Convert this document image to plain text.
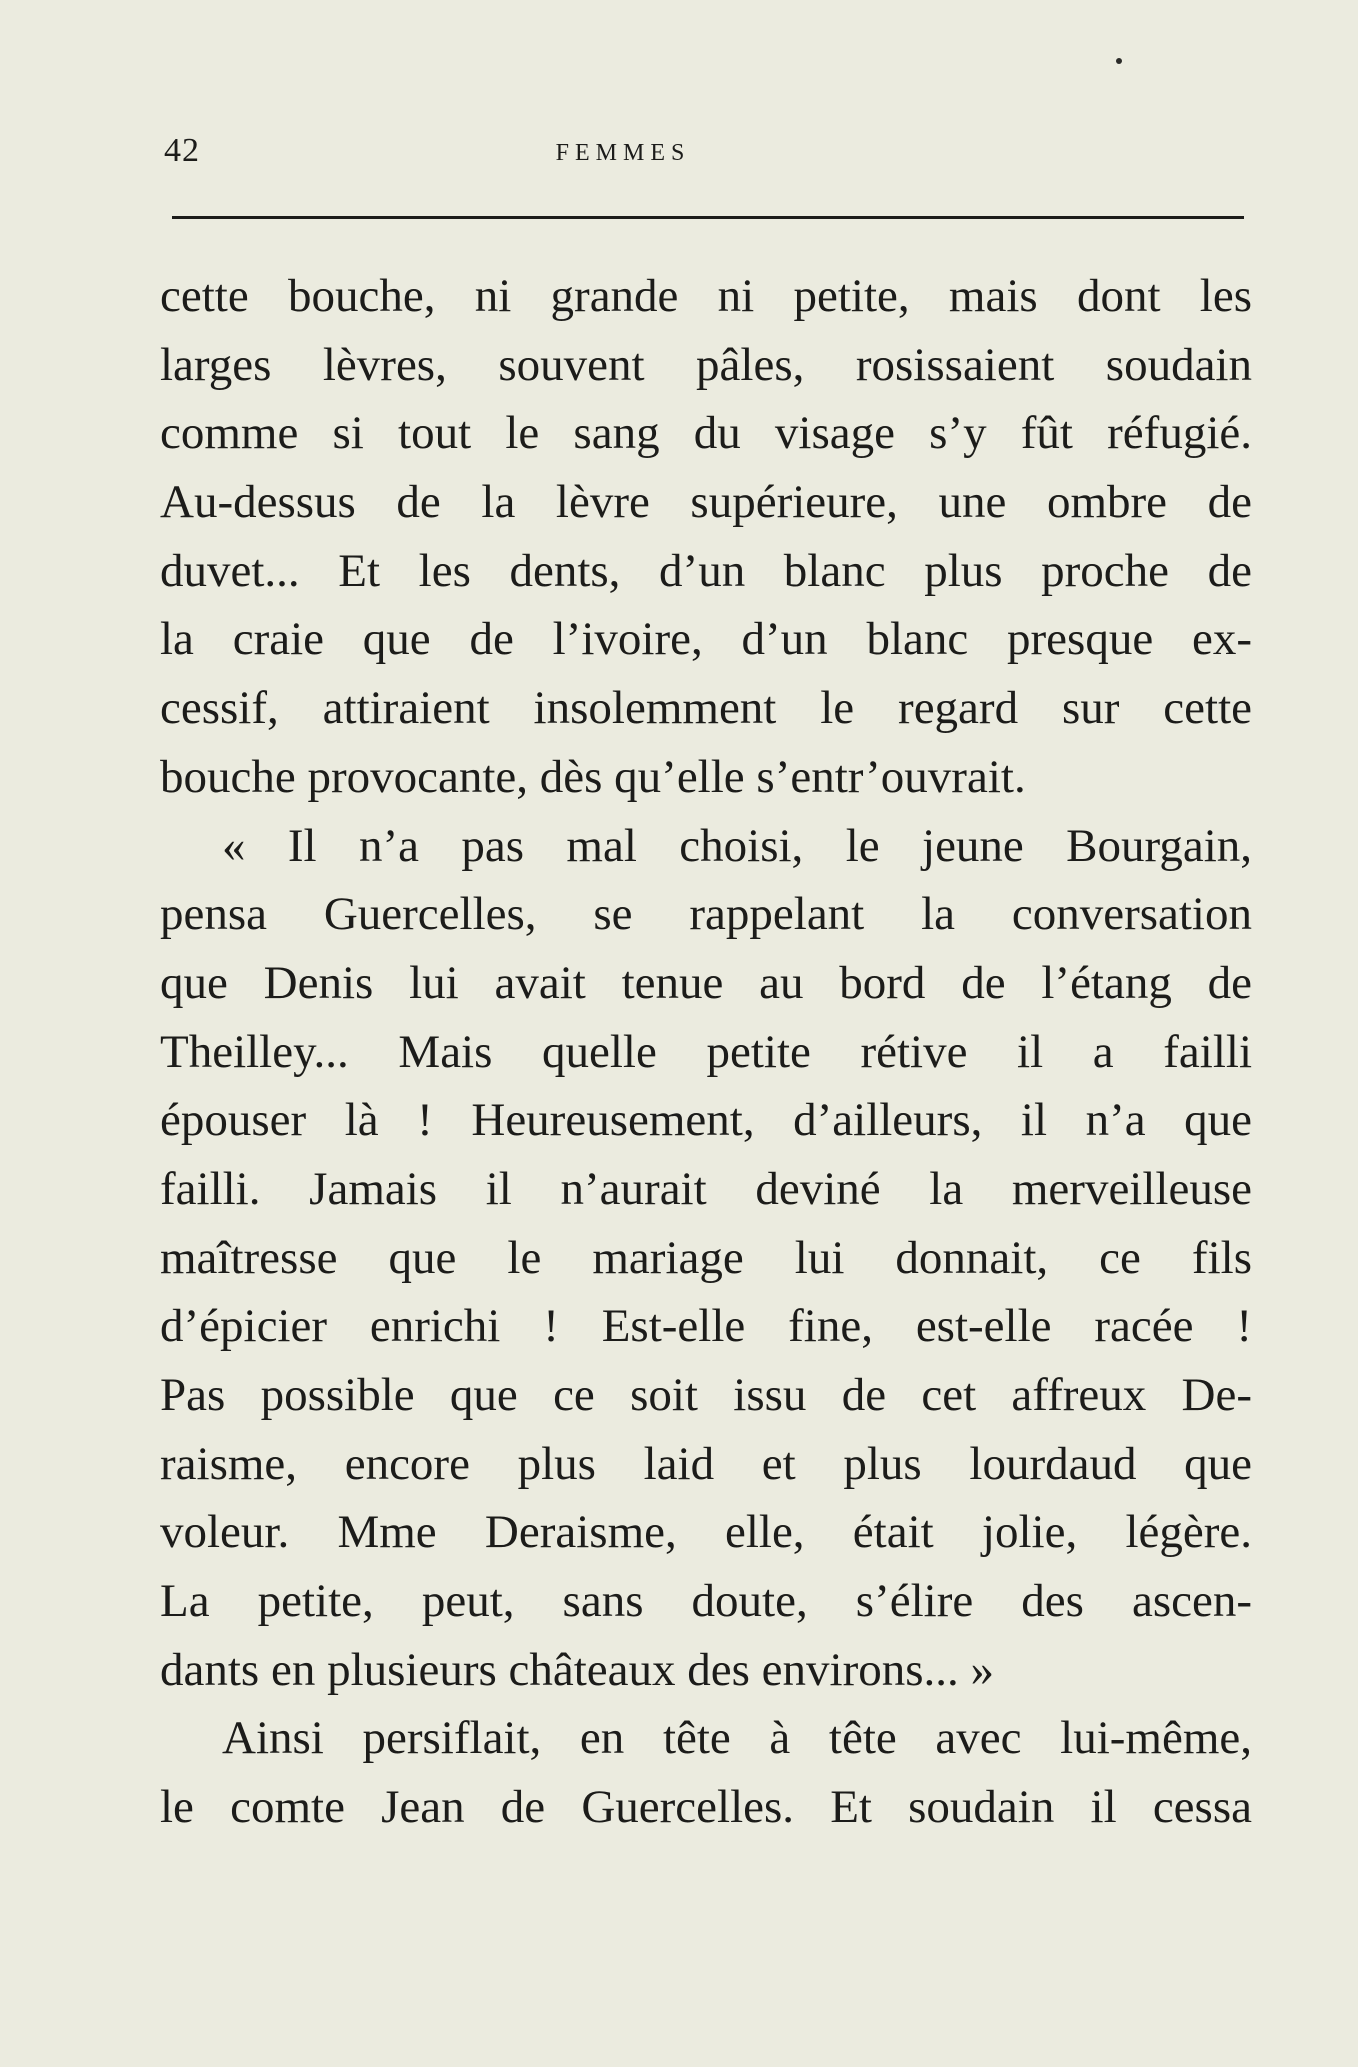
42	FEMMES
cette bouche, ni grande ni petite, mais dont les
larges lèvres, souvent pâles, rosissaient soudain
comme si tout le sang du visage s’y fût réfugié.
Au-dessus de la lèvre supérieure, une ombre de
duvet... Et les dents, d’un blanc plus proche de
la craie que de l’ivoire, d’un blanc presque ex-
cessif, attiraient insolemment le regard sur cette
bouche provocante, dès qu’elle s’entr’ouvrait.
« Il n’a pas mal choisi, le jeune Bourgain,
pensa Guercelles, se rappelant la conversation
que Denis lui avait tenue au bord de l’étang de
Theilley... Mais quelle petite rétive il a failli
épouser là ! Heureusement, d’ailleurs, il n’a que
failli. Jamais il n’aurait deviné la merveilleuse
maîtresse que le mariage lui donnait, ce fils
d’épicier enrichi ! Est-elle fine, est-elle racée !
Pas possible que ce soit issu de cet affreux De-
raisme, encore plus laid et plus lourdaud que
voleur. Mme Deraisme, elle, était jolie, légère.
La petite, peut, sans doute, s’élire des ascen-
dants en plusieurs châteaux des environs... »
Ainsi persiflait, en tête à tête avec lui-même,
le comte Jean de Guercelles. Et soudain il cessa
